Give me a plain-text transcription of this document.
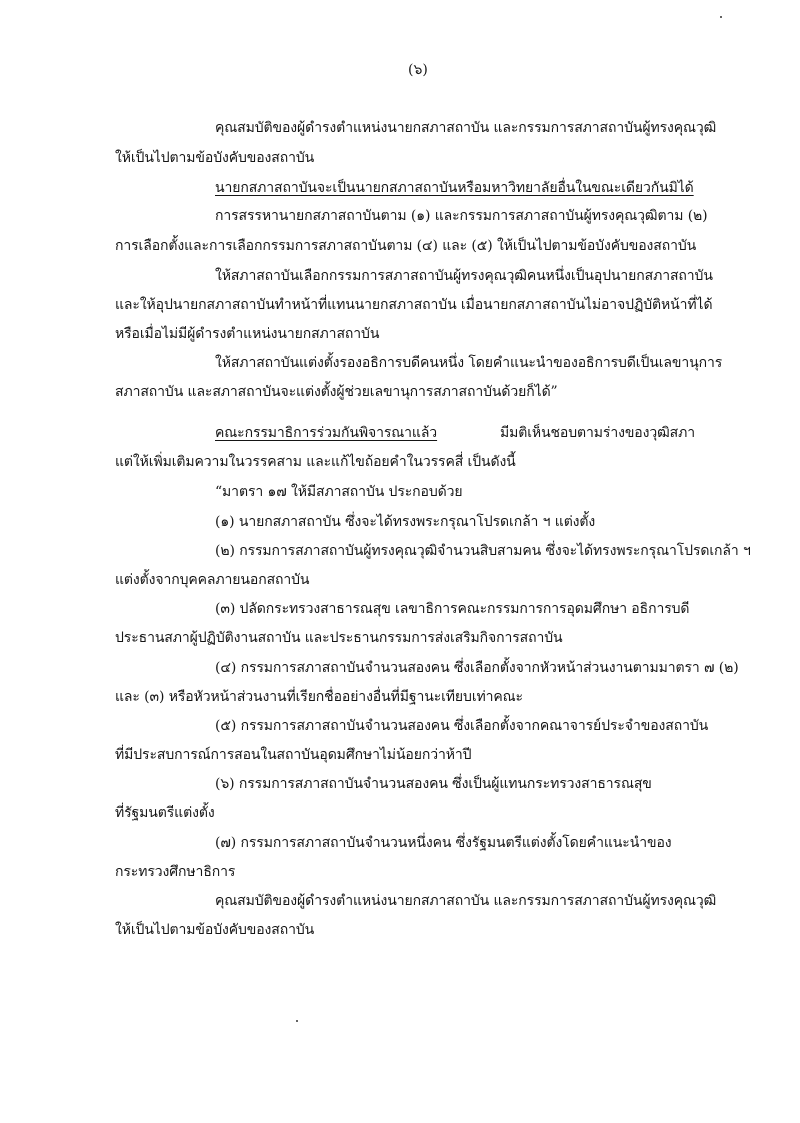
(๖)
คุณสมบัติของผู้ดำรงตำแหน่งนายกสภาสถาบัน และกรรมการสภาสถาบันผู้ทรงคุณวุฒิ
ให้เป็นไปตามข้อบังคับของสถาบัน
นายกสภาสถาบันจะเป็นนายกสภาสถาบันหรือมหาวิทยาลัยอื่นในขณะเดียวกันมิได้
การสรรหานายกสภาสถาบันตาม (๑) และกรรมการสภาสถาบันผู้ทรงคุณวุฒิตาม (๒)
การเลือกตั้งและการเลือกกรรมการสภาสถาบันตาม (๔) และ (๕) ให้เป็นไปตามข้อบังคับของสถาบัน
ให้สภาสถาบันเลือกกรรมการสภาสถาบันผู้ทรงคุณวุฒิคนหนึ่งเป็นอุปนายกสภาสถาบัน
และให้อุปนายกสภาสถาบันทำหน้าที่แทนนายกสภาสถาบัน เมื่อนายกสภาสถาบันไม่อาจปฏิบัติหน้าที่ได้
หรือเมื่อไม่มีผู้ดำรงตำแหน่งนายกสภาสถาบัน
ให้สภาสถาบันแต่งตั้งรองอธิการบดีคนหนึ่ง โดยคำแนะนำของอธิการบดีเป็นเลขานุการ
สภาสถาบัน และสภาสถาบันจะแต่งตั้งผู้ช่วยเลขานุการสภาสถาบันด้วยก็ได้”
คณะกรรมาธิการร่วมกันพิจารณาแล้ว	มีมติเห็นชอบตามร่างของวุฒิสภา
แต่ให้เพิ่มเติมความในวรรคสาม และแก้ไขถ้อยคำในวรรคสี่ เป็นดังนี้
“มาตรา ๑๗ ให้มีสภาสถาบัน ประกอบด้วย
(๑) นายกสภาสถาบัน ซึ่งจะได้ทรงพระกรุณาโปรดเกล้า ฯ แต่งตั้ง
(๒) กรรมการสภาสถาบันผู้ทรงคุณวุฒิจำนวนสิบสามคน ซึ่งจะได้ทรงพระกรุณาโปรดเกล้า ฯ
แต่งตั้งจากบุคคลภายนอกสถาบัน
(๓) ปลัดกระทรวงสาธารณสุข เลขาธิการคณะกรรมการการอุดมศึกษา อธิการบดี
ประธานสภาผู้ปฏิบัติงานสถาบัน และประธานกรรมการส่งเสริมกิจการสถาบัน
(๔) กรรมการสภาสถาบันจำนวนสองคน ซึ่งเลือกตั้งจากหัวหน้าส่วนงานตามมาตรา ๗ (๒)
และ (๓) หรือหัวหน้าส่วนงานที่เรียกชื่ออย่างอื่นที่มีฐานะเทียบเท่าคณะ
(๕) กรรมการสภาสถาบันจำนวนสองคน ซึ่งเลือกตั้งจากคณาจารย์ประจำของสถาบัน
ที่มีประสบการณ์การสอนในสถาบันอุดมศึกษาไม่น้อยกว่าห้าปี
(๖) กรรมการสภาสถาบันจำนวนสองคน ซึ่งเป็นผู้แทนกระทรวงสาธารณสุข
ที่รัฐมนตรีแต่งตั้ง
(๗) กรรมการสภาสถาบันจำนวนหนึ่งคน ซึ่งรัฐมนตรีแต่งตั้งโดยคำแนะนำของ
กระทรวงศึกษาธิการ
คุณสมบัติของผู้ดำรงตำแหน่งนายกสภาสถาบัน และกรรมการสภาสถาบันผู้ทรงคุณวุฒิ
ให้เป็นไปตามข้อบังคับของสถาบัน
